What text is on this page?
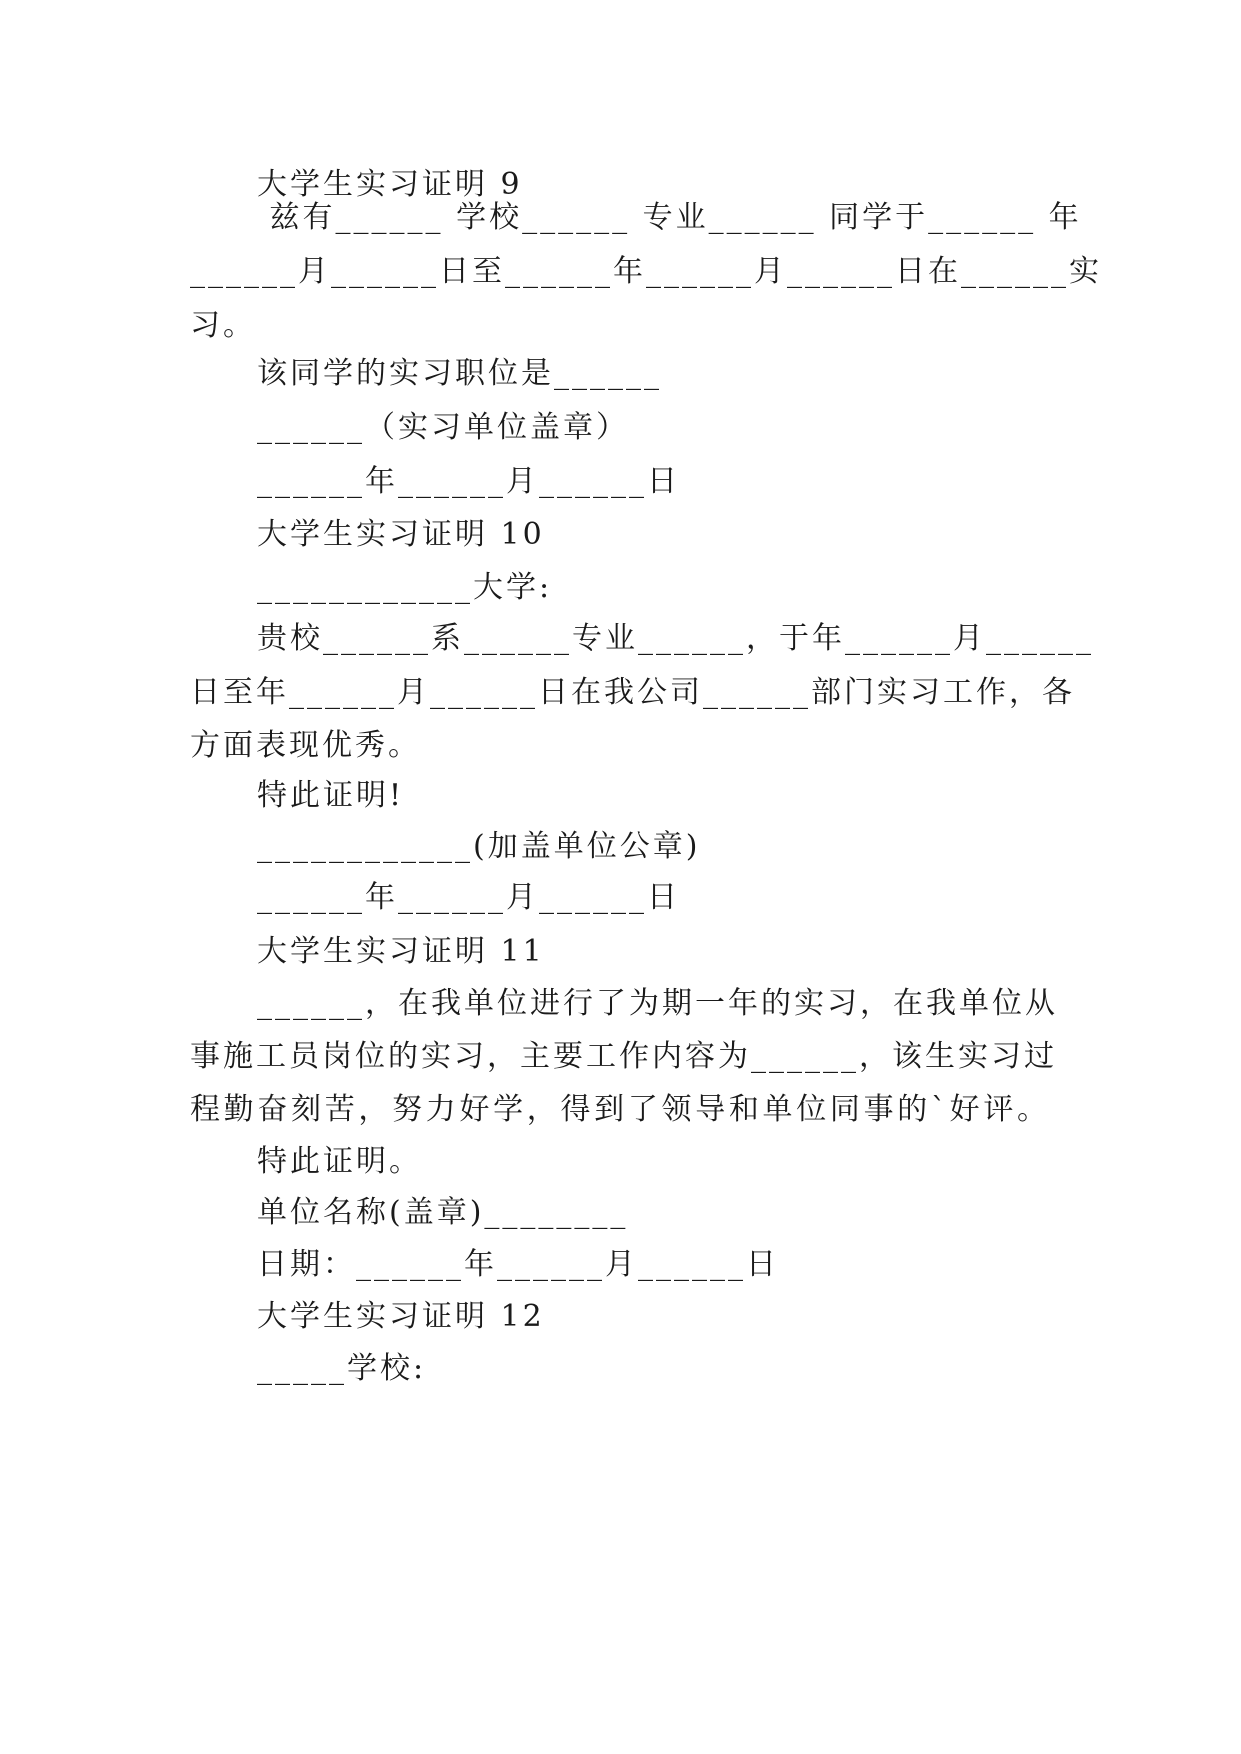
大学生实习证明 9
兹有______ 学校______ 专业______ 同学于______ 年
______月______日至______年______月______日在______实
习。
该同学的实习职位是______
______（实习单位盖章）
______年______月______日
大学生实习证明 10
____________大学:
贵校______系______专业______，于年______月______
日至年______月______日在我公司______部门实习工作，各
方面表现优秀。
特此证明!
____________(加盖单位公章)
______年______月______日
大学生实习证明 11
______，在我单位进行了为期一年的实习，在我单位从
事施工员岗位的实习，主要工作内容为______，该生实习过
程勤奋刻苦，努力好学，得到了领导和单位同事的`好评。
特此证明。
单位名称(盖章)________
日期：______年______月______日
大学生实习证明 12
_____学校:
